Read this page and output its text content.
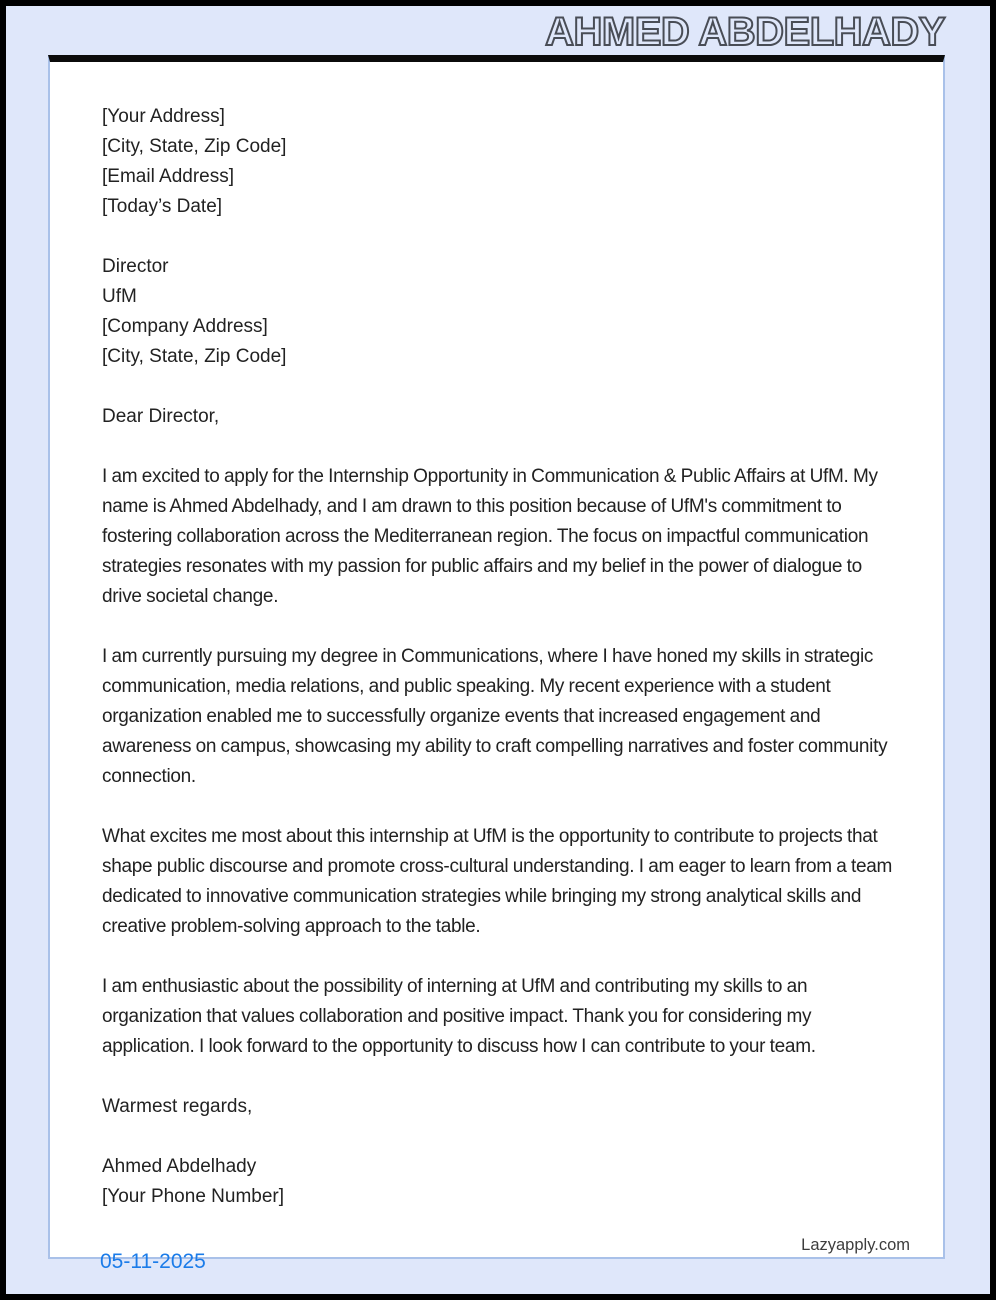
AHMED ABDELHADY
[Your Address]
[City, State, Zip Code]
[Email Address]
[Today’s Date]
Director
UfM
[Company Address]
[City, State, Zip Code]

Dear Director,

I am excited to apply for the Internship Opportunity in Communication & Public Affairs at UfM. My name is Ahmed Abdelhady, and I am drawn to this position because of UfM's commitment to fostering collaboration across the Mediterranean region. The focus on impactful communication strategies resonates with my passion for public affairs and my belief in the power of dialogue to drive societal change.

I am currently pursuing my degree in Communications, where I have honed my skills in strategic communication, media relations, and public speaking. My recent experience with a student organization enabled me to successfully organize events that increased engagement and awareness on campus, showcasing my ability to craft compelling narratives and foster community connection.

What excites me most about this internship at UfM is the opportunity to contribute to projects that shape public discourse and promote cross-cultural understanding. I am eager to learn from a team dedicated to innovative communication strategies while bringing my strong analytical skills and creative problem-solving approach to the table.

I am enthusiastic about the possibility of interning at UfM and contributing my skills to an organization that values collaboration and positive impact. Thank you for considering my application. I look forward to the opportunity to discuss how I can contribute to your team.

Warmest regards,

Ahmed Abdelhady
[Your Phone Number]
Lazyapply.com
05-11-2025
